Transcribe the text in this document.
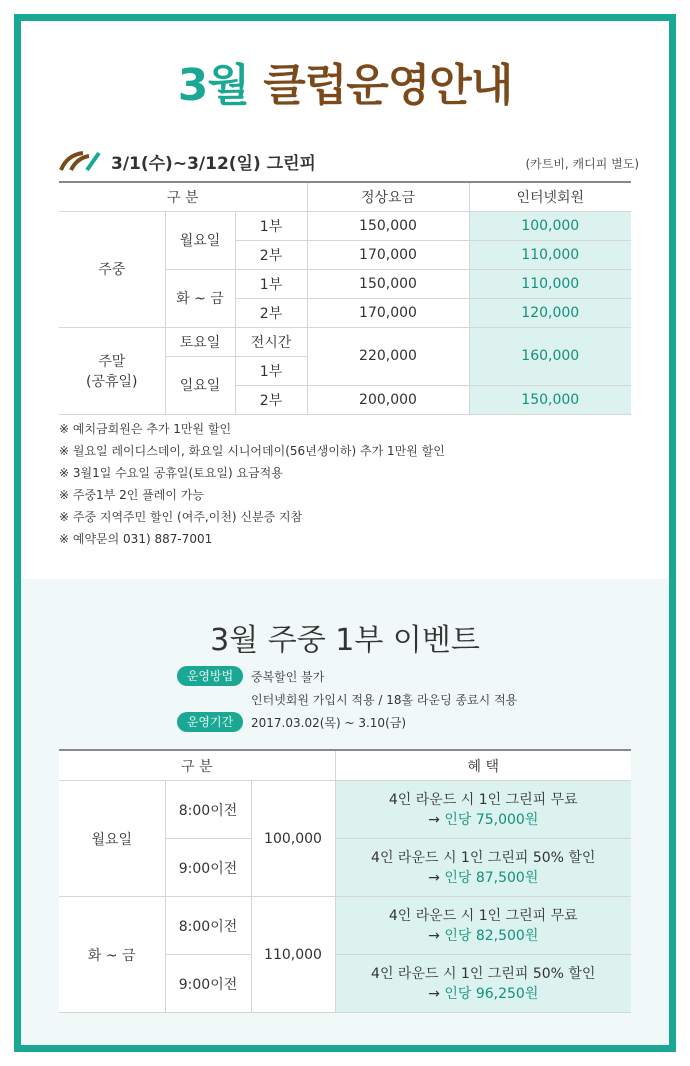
3월 클럽운영안내
3/1(수)~3/12(일) 그린피	(카트비, 캐디피 별도)
구 분			정상요금	인터넷회원
주중	월요일	1부	150,000	100,000
		2부	170,000	110,000
	화 ~ 금	1부	150,000	110,000
		2부	170,000	120,000
주말
(공휴일)	토요일	전시간	220,000	160,000
	일요일	1부		
		2부	200,000	150,000
※ 예치금회원은 추가 1만원 할인
※ 월요일 레이디스데이, 화요일 시니어데이(56년생이하) 추가 1만원 할인
※ 3월1일 수요일 공휴일(토요일) 요금적용
※ 주중1부 2인 플레이 가능
※ 주중 지역주민 할인 (여주,이천) 신분증 지참
※ 예약문의 031) 887-7001
3월 주중 1부 이벤트
운영방법	중복할인 불가
인터넷회원 가입시 적용 / 18홀 라운딩 종료시 적용
운영기간	2017.03.02(목) ~ 3.10(금)
구 분			혜 택
월요일	8:00이전	100,000	4인 라운드 시 1인 그린피 무료
→ 인당 75,000원

	9:00이전		4인 라운드 시 1인 그린피 50% 할인
→ 인당 87,500원

화 ~ 금	8:00이전	110,000	4인 라운드 시 1인 그린피 무료
→ 인당 82,500원

	9:00이전		4인 라운드 시 1인 그린피 50% 할인
→ 인당 96,250원
